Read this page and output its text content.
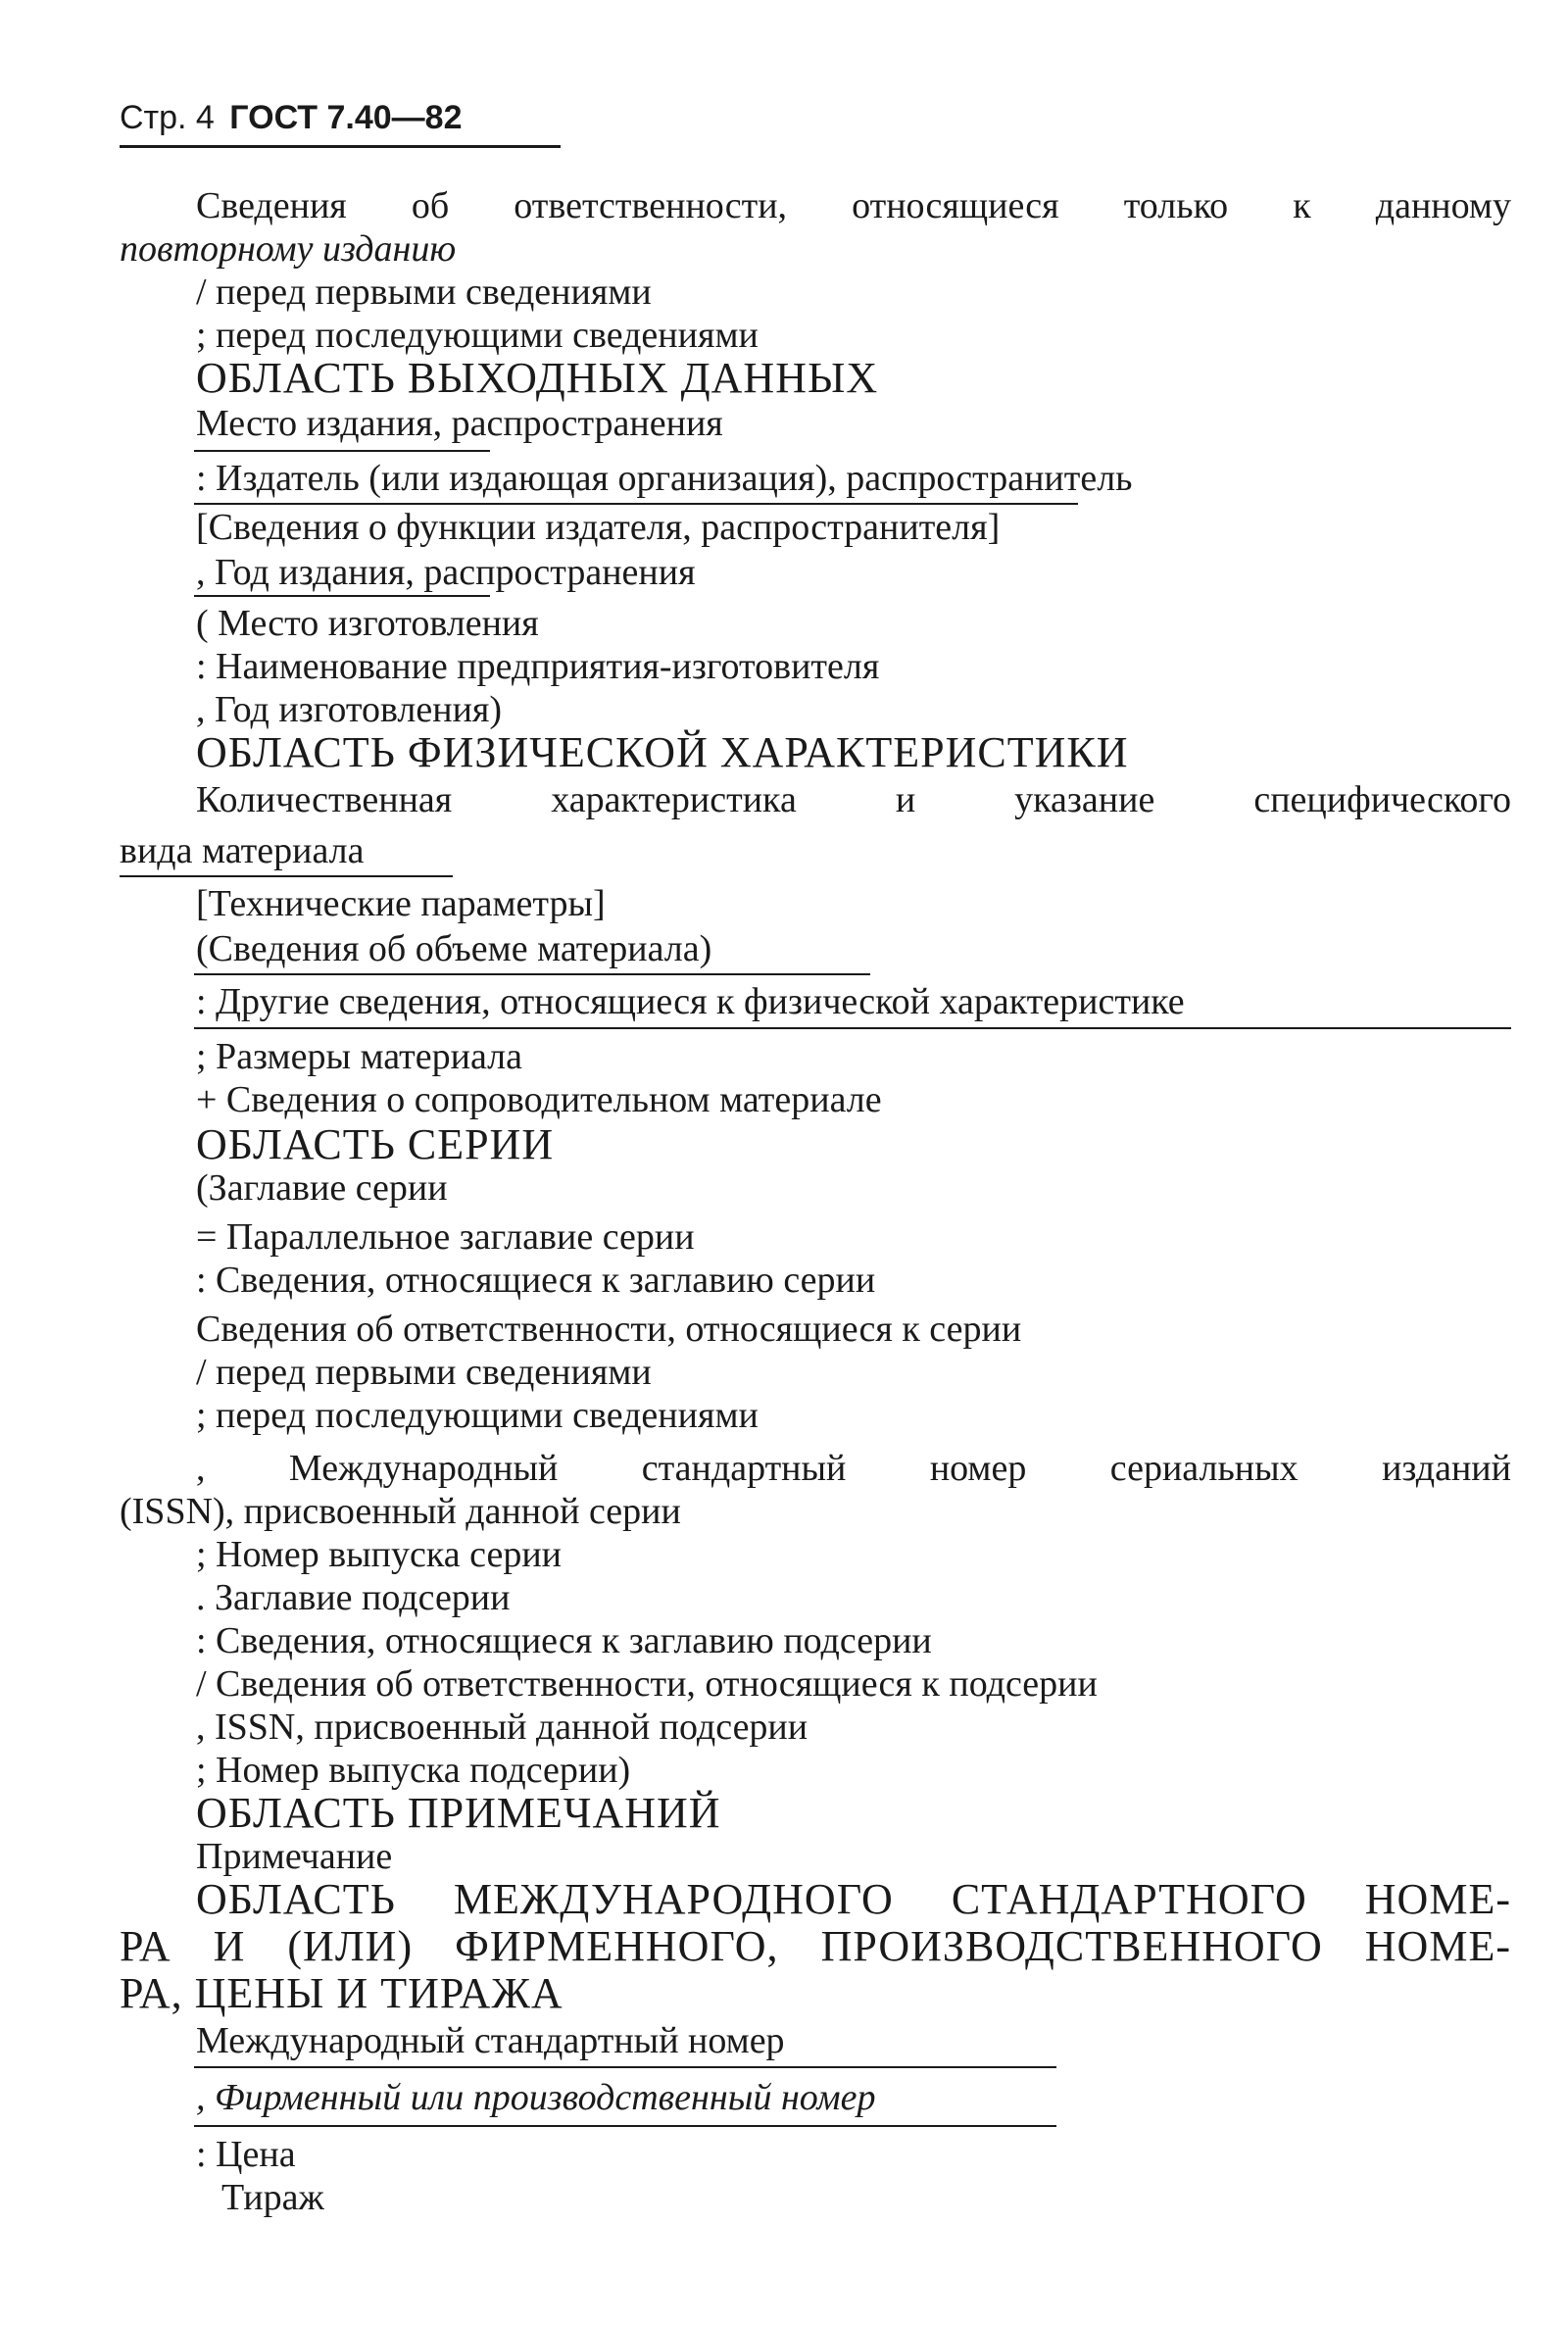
Стр. 4 ГОСТ 7.40—82
Сведения об ответственности, относящиеся только к данному
повторному изданию
/ перед первыми сведениями
; перед последующими сведениями
ОБЛАСТЬ ВЫХОДНЫХ ДАННЫХ
Место издания, распространения
: Издатель (или издающая организация), распространитель
[Сведения о функции издателя, распространителя]
, Год издания, распространения
( Место изготовления
: Наименование предприятия-изготовителя
, Год изготовления)
ОБЛАСТЬ ФИЗИЧЕСКОЙ ХАРАКТЕРИСТИКИ
Количественная	характеристика	и	указание	специфического
вида материала
[Технические параметры]
(Сведения об объеме материала)
: Другие сведения, относящиеся к физической характеристике
; Размеры материала
+ Сведения о сопроводительном материале
ОБЛАСТЬ СЕРИИ
(Заглавие серии
= Параллельное заглавие серии
: Сведения, относящиеся к заглавию серии
Сведения об ответственности, относящиеся к серии
/ перед первыми сведениями
; перед последующими сведениями
, Международный стандартный номер сериальных изданий
(ISSN), присвоенный данной серии
; Номер выпуска серии
. Заглавие подсерии
: Сведения, относящиеся к заглавию подсерии
/ Сведения об ответственности, относящиеся к подсерии
, ISSN, присвоенный данной подсерии
; Номер выпуска подсерии)
ОБЛАСТЬ ПРИМЕЧАНИЙ
Примечание
ОБЛАСТЬ МЕЖДУНАРОДНОГО СТАНДАРТНОГО НОМЕ-
РА И (ИЛИ) ФИРМЕННОГО, ПРОИЗВОДСТВЕННОГО НОМЕ-
РА, ЦЕНЫ И ТИРАЖА
Международный стандартный номер
, Фирменный или производственный номер
: Цена
Тираж
